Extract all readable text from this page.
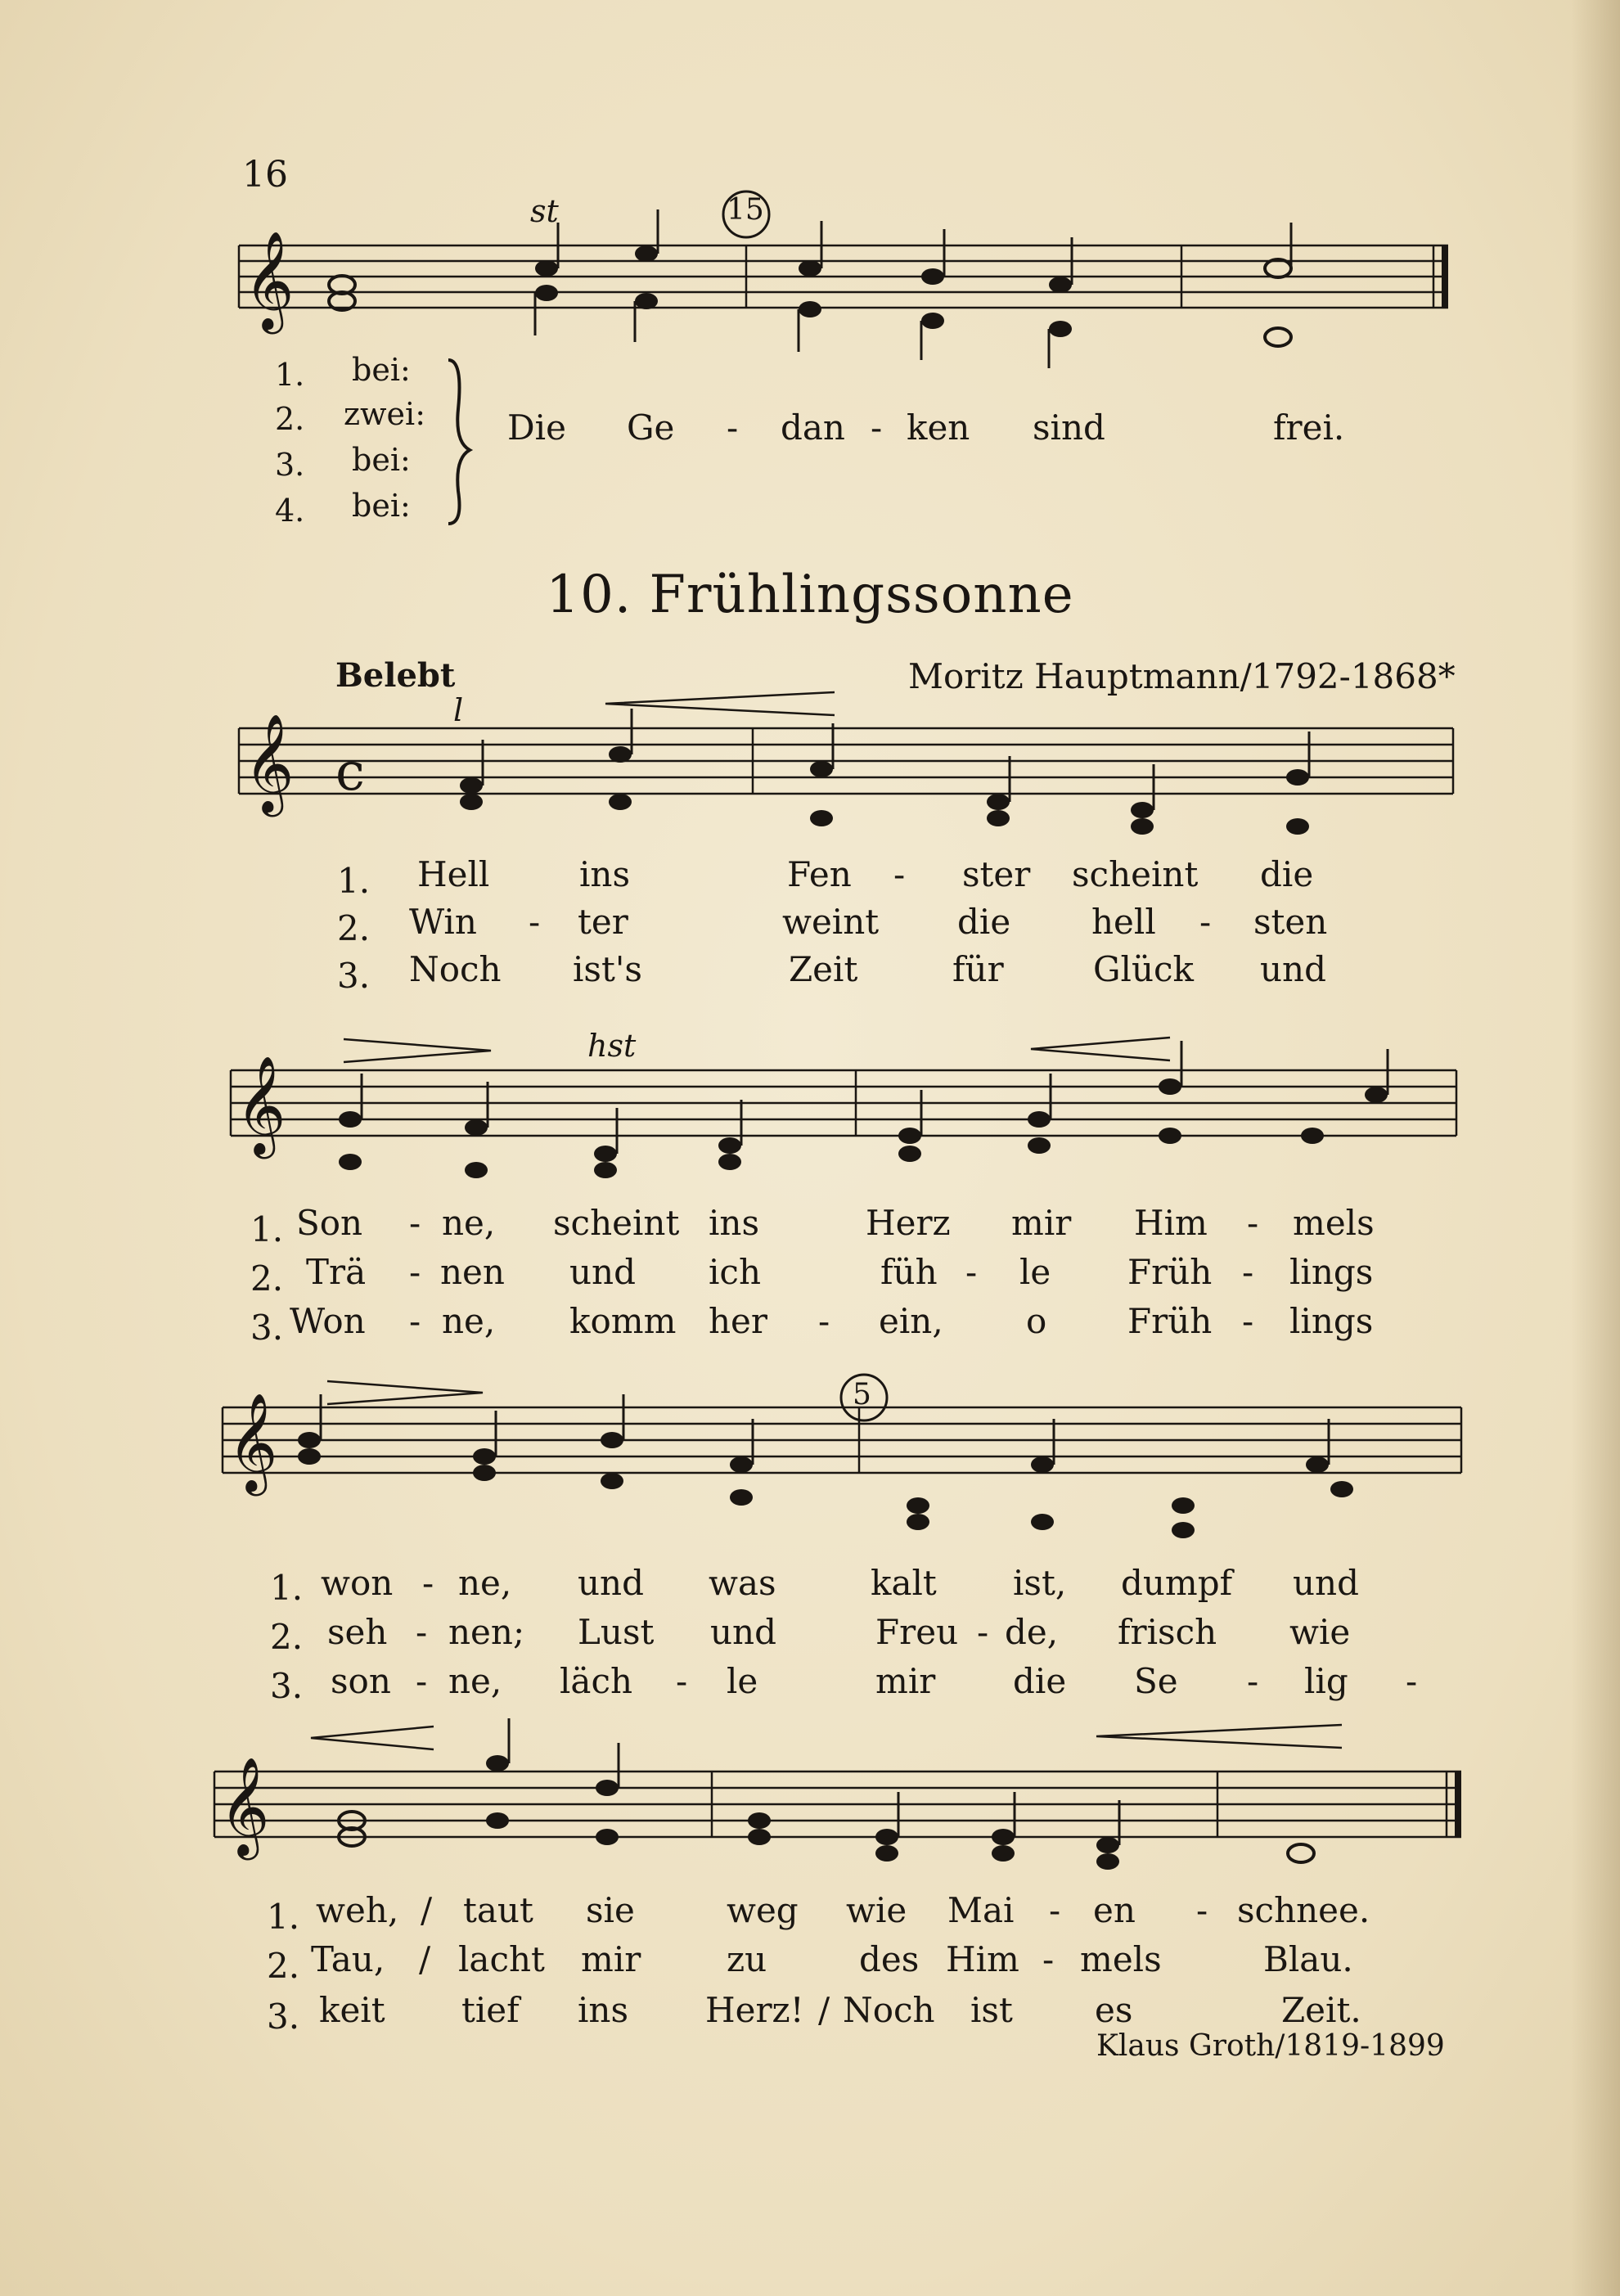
16
𝄞
𝄞
𝄞
𝄞
𝄞
c
15
5
st
l
hst
1. bei:
2. zwei:
3. bei:
4. bei:
Die Ge - dan - ken sind	frei.
10. Frühlingssonne
Belebt	Moritz Hauptmann/1792-1868*
1. Hell	ins	Fen - ster scheint die
2. Win - ter	weint die hell - sten
3. Noch ist's	Zeit	für	Glück und
1. Son - ne, scheint ins	Herz mir Him - mels
2. Trä - nen und ich	füh - le Früh - lings
3. Won - ne, komm her - ein, o Früh - lings
1. won - ne, und was	kalt ist, dumpf und
2. seh - nen; Lust und	Freu - de, frisch wie
3. son - ne, läch - le	mir die Se - lig -
1. weh, / taut sie	weg wie Mai - en - schnee.
2. Tau, / lacht mir zu	des Him - mels	Blau.
3. keit tief ins Herz! / Noch ist es	Zeit.
Klaus Groth/1819-1899
